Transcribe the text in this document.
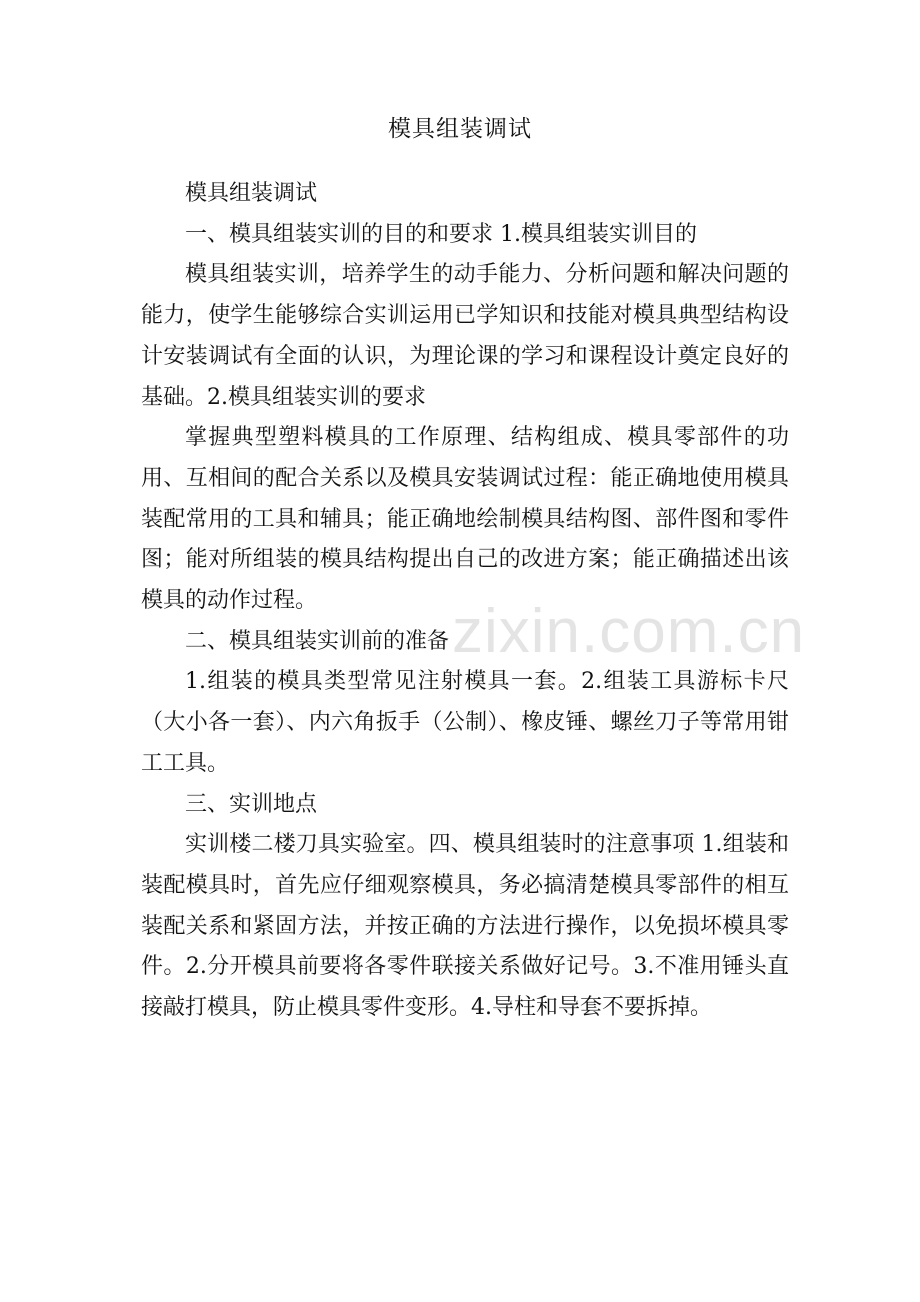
模具组装调试

模具组装调试

一、模具组装实训的目的和要求 1.模具组装实训目的

模具组装实训，培养学生的动手能力、分析问题和解决问题的能力，使学生能够综合实训运用已学知识和技能对模具典型结构设计安装调试有全面的认识，为理论课的学习和课程设计奠定良好的基础。2.模具组装实训的要求

掌握典型塑料模具的工作原理、结构组成、模具零部件的功用、互相间的配合关系以及模具安装调试过程：能正确地使用模具装配常用的工具和辅具；能正确地绘制模具结构图、部件图和零件图；能对所组装的模具结构提出自己的改进方案；能正确描述出该模具的动作过程。

二、模具组装实训前的准备

1.组装的模具类型常见注射模具一套。2.组装工具游标卡尺（大小各一套）、内六角扳手（公制）、橡皮锤、螺丝刀子等常用钳工工具。

三、实训地点

实训楼二楼刀具实验室。四、模具组装时的注意事项 1.组装和装配模具时，首先应仔细观察模具，务必搞清楚模具零部件的相互装配关系和紧固方法，并按正确的方法进行操作，以免损坏模具零件。2.分开模具前要将各零件联接关系做好记号。3.不准用锤头直接敲打模具，防止模具零件变形。4.导柱和导套不要拆掉。

zixin.com.cn
